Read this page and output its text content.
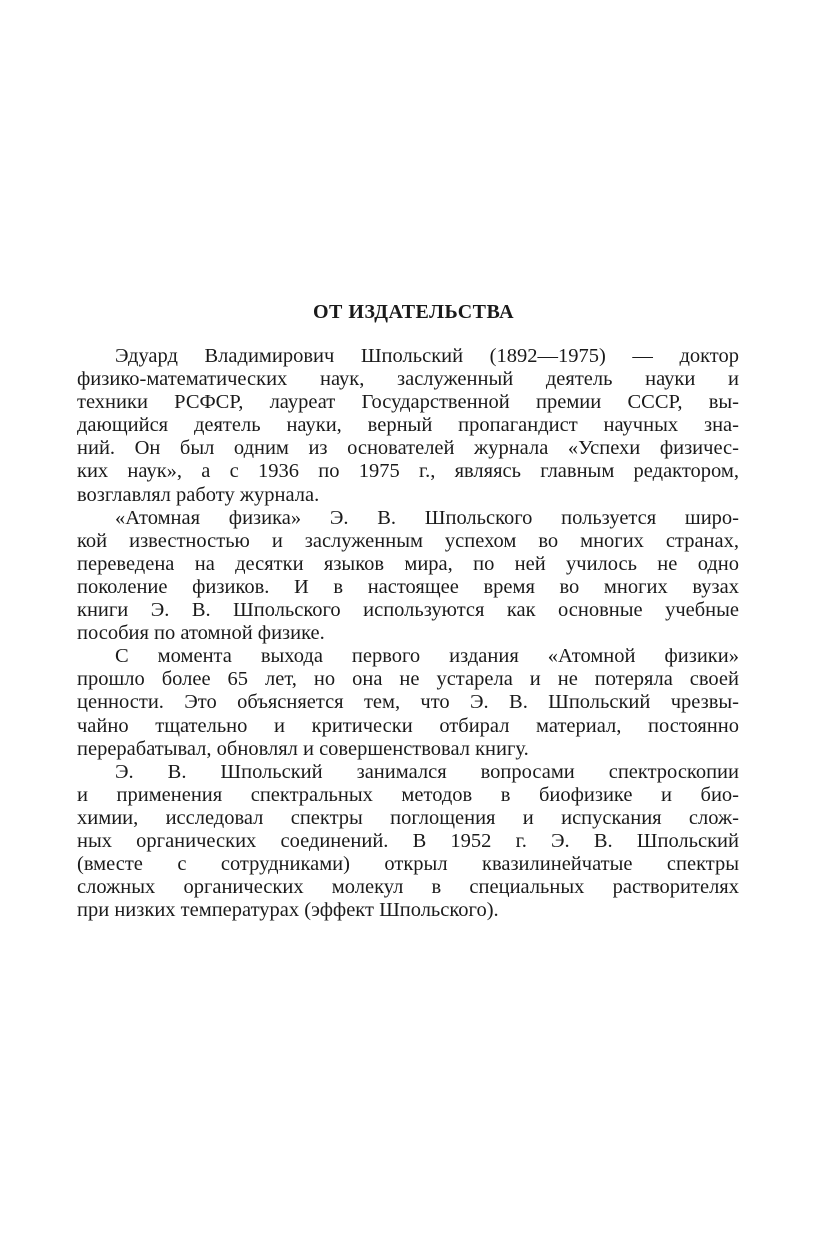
ОТ ИЗДАТЕЛЬСТВА
Эдуард Владимирович Шпольский (1892—1975) — доктор
физико-математических наук, заслуженный деятель науки и
техники РСФСР, лауреат Государственной премии СССР, вы-
дающийся деятель науки, верный пропагандист научных зна-
ний. Он был одним из основателей журнала «Успехи физичес-
ких наук», а с 1936 по 1975 г., являясь главным редактором,
возглавлял работу журнала.
«Атомная физика» Э. В. Шпольского пользуется широ-
кой известностью и заслуженным успехом во многих странах,
переведена на десятки языков мира, по ней училось не одно
поколение физиков. И в настоящее время во многих вузах
книги Э. В. Шпольского используются как основные учебные
пособия по атомной физике.
С момента выхода первого издания «Атомной физики»
прошло более 65 лет, но она не устарела и не потеряла своей
ценности. Это объясняется тем, что Э. В. Шпольский чрезвы-
чайно тщательно и критически отбирал материал, постоянно
перерабатывал, обновлял и совершенствовал книгу.
Э. В. Шпольский занимался вопросами спектроскопии
и применения спектральных методов в биофизике и био-
химии, исследовал спектры поглощения и испускания слож-
ных органических соединений. В 1952 г. Э. В. Шпольский
(вместе с сотрудниками) открыл квазилинейчатые спектры
сложных органических молекул в специальных растворителях
при низких температурах (эффект Шпольского).
